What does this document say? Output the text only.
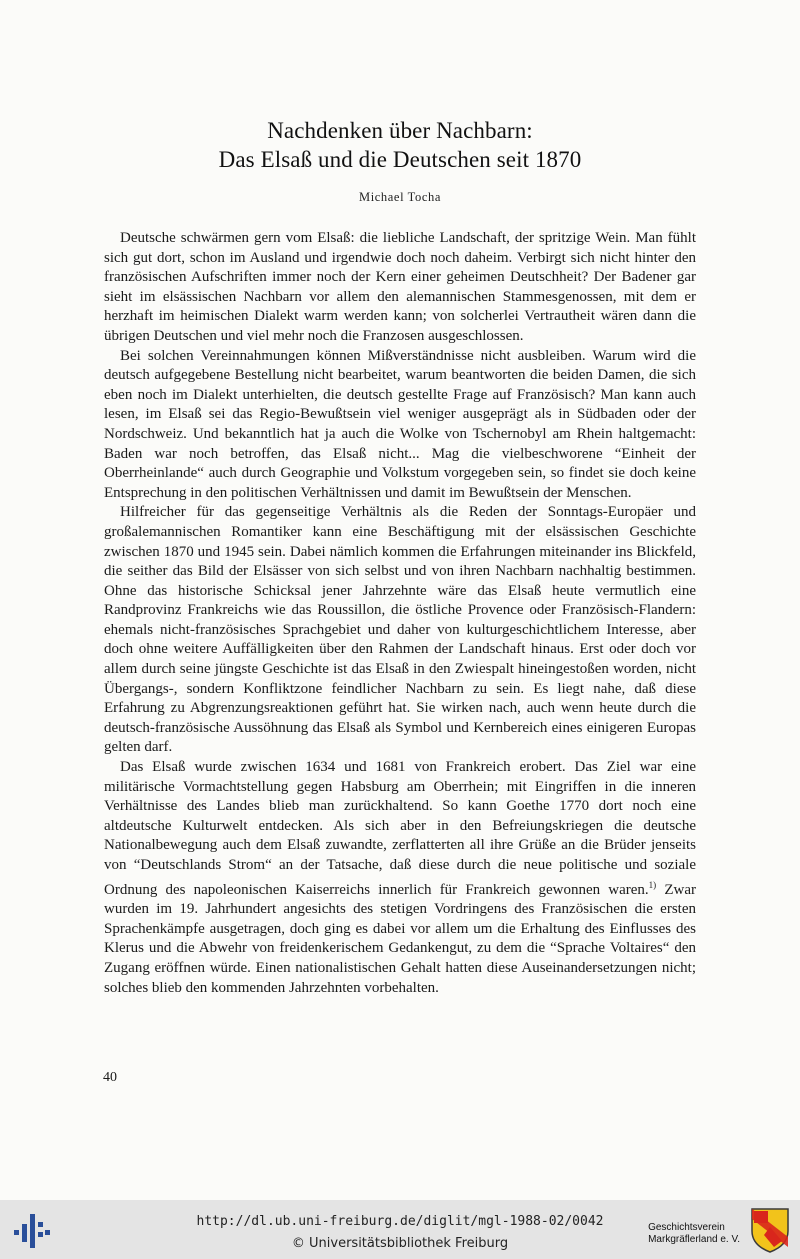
Nachdenken über Nachbarn:
Das Elsaß und die Deutschen seit 1870
Michael Tocha

Deutsche schwärmen gern vom Elsaß: die liebliche Landschaft, der spritzige Wein. Man fühlt sich gut dort, schon im Ausland und irgendwie doch noch daheim. Verbirgt sich nicht hinter den französischen Aufschriften immer noch der Kern einer geheimen Deutschheit? Der Badener gar sieht im elsässischen Nachbarn vor allem den alemannischen Stammesgenossen, mit dem er herzhaft im heimischen Dialekt warm werden kann; von solcherlei Vertrautheit wären dann die übrigen Deutschen und viel mehr noch die Franzosen ausgeschlossen.

Bei solchen Vereinnahmungen können Mißverständnisse nicht ausbleiben. Warum wird die deutsch aufgegebene Bestellung nicht bearbeitet, warum beantworten die beiden Damen, die sich eben noch im Dialekt unterhielten, die deutsch gestellte Frage auf Französisch? Man kann auch lesen, im Elsaß sei das Regio-Bewußtsein viel weniger ausgeprägt als in Südbaden oder der Nordschweiz. Und bekanntlich hat ja auch die Wolke von Tschernobyl am Rhein haltgemacht: Baden war noch betroffen, das Elsaß nicht... Mag die vielbeschworene “Einheit der Oberrheinlande“ auch durch Geographie und Volkstum vorgegeben sein, so findet sie doch keine Entsprechung in den politischen Verhältnissen und damit im Bewußtsein der Menschen.

Hilfreicher für das gegenseitige Verhältnis als die Reden der Sonntags-Europäer und großalemannischen Romantiker kann eine Beschäftigung mit der elsässischen Geschichte zwischen 1870 und 1945 sein. Dabei nämlich kommen die Erfahrungen miteinander ins Blickfeld, die seither das Bild der Elsässer von sich selbst und von ihren Nachbarn nachhaltig bestimmen. Ohne das historische Schicksal jener Jahrzehnte wäre das Elsaß heute vermutlich eine Randprovinz Frankreichs wie das Roussillon, die östliche Provence oder Französisch-Flandern: ehemals nicht-französisches Sprachgebiet und daher von kulturgeschichtlichem Interesse, aber doch ohne weitere Auffälligkeiten über den Rahmen der Landschaft hinaus. Erst oder doch vor allem durch seine jüngste Geschichte ist das Elsaß in den Zwiespalt hineingestoßen worden, nicht Übergangs-, sondern Konfliktzone feindlicher Nachbarn zu sein. Es liegt nahe, daß diese Erfahrung zu Abgrenzungsreaktionen geführt hat. Sie wirken nach, auch wenn heute durch die deutsch-französische Aussöhnung das Elsaß als Symbol und Kernbereich eines einigeren Europas gelten darf.

Das Elsaß wurde zwischen 1634 und 1681 von Frankreich erobert. Das Ziel war eine militärische Vormachtstellung gegen Habsburg am Oberrhein; mit Eingriffen in die inneren Verhältnisse des Landes blieb man zurückhaltend. So kann Goethe 1770 dort noch eine altdeutsche Kulturwelt entdecken. Als sich aber in den Befreiungskriegen die deutsche Nationalbewegung auch dem Elsaß zuwandte, zerflatterten all ihre Grüße an die Brüder jenseits von “Deutschlands Strom“ an der Tatsache, daß diese durch die neue politische und soziale Ordnung des napoleonischen Kaiserreichs innerlich für Frankreich gewonnen waren.$^{1)}$ Zwar wurden im 19. Jahrhundert angesichts des stetigen Vordringens des Französischen die ersten Sprachenkämpfe ausgetragen, doch ging es dabei vor allem um die Erhaltung des Einflusses des Klerus und die Abwehr von freidenkerischem Gedankengut, zu dem die “Sprache Voltaires“ den Zugang eröffnen würde. Einen nationalistischen Gehalt hatten diese Auseinandersetzungen nicht; solches blieb den kommenden Jahrzehnten vorbehalten.

40
http://dl.ub.uni-freiburg.de/diglit/mgl-1988-02/0042
© Universitätsbibliothek Freiburg
Geschichtsverein
Markgräflerland e. V.
